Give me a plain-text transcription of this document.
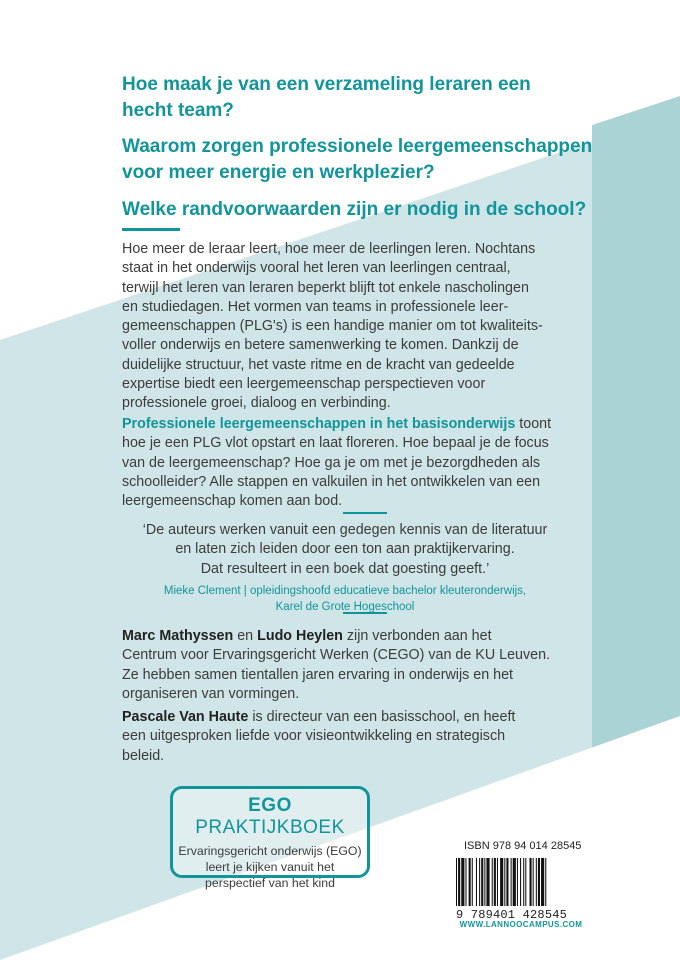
Hoe maak je van een verzameling leraren een
hecht team?

Waarom zorgen professionele leergemeenschappen
voor meer energie en werkplezier?

Welke randvoorwaarden zijn er nodig in de school?

Hoe meer de leraar leert, hoe meer de leerlingen leren. Nochtans
staat in het onderwijs vooral het leren van leerlingen centraal,
terwijl het leren van leraren beperkt blijft tot enkele nascholingen
en studiedagen. Het vormen van teams in professionele leer-
gemeenschappen (PLG's) is een handige manier om tot kwaliteits-
voller onderwijs en betere samenwerking te komen. Dankzij de
duidelijke structuur, het vaste ritme en de kracht van gedeelde
expertise biedt een leergemeenschap perspectieven voor
professionele groei, dialoog en verbinding.

Professionele leergemeenschappen in het basisonderwijs toont
hoe je een PLG vlot opstart en laat floreren. Hoe bepaal je de focus
van de leergemeenschap? Hoe ga je om met je bezorgdheden als
schoolleider? Alle stappen en valkuilen in het ontwikkelen van een
leergemeenschap komen aan bod.

‘De auteurs werken vanuit een gedegen kennis van de literatuur
en laten zich leiden door een ton aan praktijkervaring.
Dat resulteert in een boek dat goesting geeft.’

Mieke Clement | opleidingshoofd educatieve bachelor kleuteronderwijs,
Karel de Grote Hogeschool

Marc Mathyssen en Ludo Heylen zijn verbonden aan het
Centrum voor Ervaringsgericht Werken (CEGO) van de KU Leuven.
Ze hebben samen tientallen jaren ervaring in onderwijs en het
organiseren van vormingen.

Pascale Van Haute is directeur van een basisschool, en heeft
een uitgesproken liefde voor visieontwikkeling en strategisch
beleid.

EGO PRAKTIJKBOEK

Ervaringsgericht onderwijs (EGO)
leert je kijken vanuit het
perspectief van het kind

ISBN 978 94 014 28545
9 789401 428545
WWW.LANNOOCAMPUS.COM
